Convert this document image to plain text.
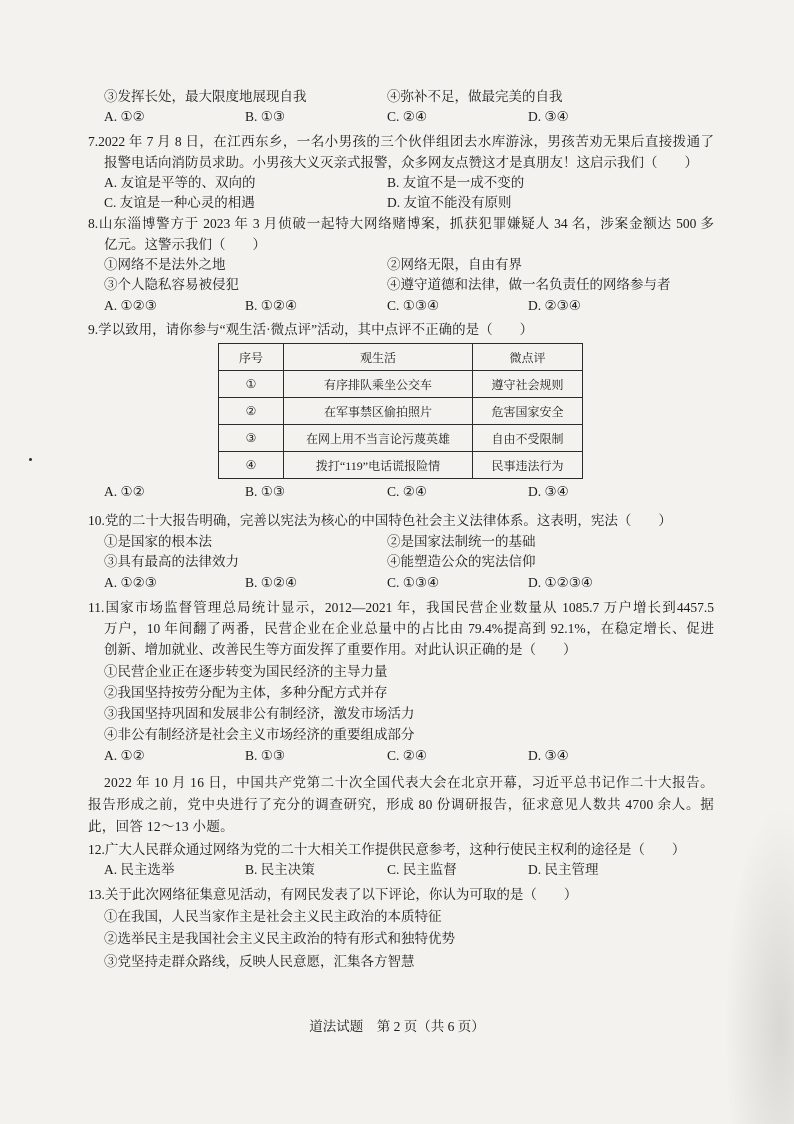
③发挥长处，最大限度地展现自我	④弥补不足，做最完美的自我
A. ①②	B. ①③	C. ②④	D. ③④
7.2022 年 7 月 8 日，在江西东乡，一名小男孩的三个伙伴组团去水库游泳，男孩苦劝无果后直接拨通了
报警电话向消防员求助。小男孩大义灭亲式报警，众多网友点赞这才是真朋友！这启示我们（　　）
A. 友谊是平等的、双向的	B. 友谊不是一成不变的
C. 友谊是一种心灵的相遇	D. 友谊不能没有原则
8.山东淄博警方于 2023 年 3 月侦破一起特大网络赌博案，抓获犯罪嫌疑人 34 名，涉案金额达 500 多
亿元。这警示我们（　　）
①网络不是法外之地	②网络无限，自由有界
③个人隐私容易被侵犯	④遵守道德和法律，做一名负责任的网络参与者
A. ①②③	B. ①②④	C. ①③④	D. ②③④
9.学以致用，请你参与“观生活·微点评”活动，其中点评不正确的是（　　）
序号	观生活	微点评
①	有序排队乘坐公交车	遵守社会规则
②	在军事禁区偷拍照片	危害国家安全
③	在网上用不当言论污蔑英雄	自由不受限制
④	拨打“119”电话谎报险情	民事违法行为
A. ①②	B. ①③	C. ②④	D. ③④
10.党的二十大报告明确，完善以宪法为核心的中国特色社会主义法律体系。这表明，宪法（　　）
①是国家的根本法	②是国家法制统一的基础
③具有最高的法律效力	④能塑造公众的宪法信仰
A. ①②③	B. ①②④	C. ①③④	D. ①②③④
11.国家市场监督管理总局统计显示，2012—2021 年，我国民营企业数量从 1085.7 万户增长到4457.5
万户，10 年间翻了两番，民营企业在企业总量中的占比由 79.4%提高到 92.1%，在稳定增长、促进
创新、增加就业、改善民生等方面发挥了重要作用。对此认识正确的是（　　）
①民营企业正在逐步转变为国民经济的主导力量
②我国坚持按劳分配为主体，多种分配方式并存
③我国坚持巩固和发展非公有制经济，激发市场活力
④非公有制经济是社会主义市场经济的重要组成部分
A. ①②	B. ①③	C. ②④	D. ③④
2022 年 10 月 16 日，中国共产党第二十次全国代表大会在北京开幕，习近平总书记作二十大报告。
报告形成之前，党中央进行了充分的调查研究，形成 80 份调研报告，征求意见人数共 4700 余人。据
此，回答 12～13 小题。
12.广大人民群众通过网络为党的二十大相关工作提供民意参考，这种行使民主权利的途径是（　　）
A. 民主选举	B. 民主决策	C. 民主监督	D. 民主管理
13.关于此次网络征集意见活动，有网民发表了以下评论，你认为可取的是（　　）
①在我国，人民当家作主是社会主义民主政治的本质特征
②选举民主是我国社会主义民主政治的特有形式和独特优势
③党坚持走群众路线，反映人民意愿，汇集各方智慧
道法试题　第 2 页（共 6 页）
